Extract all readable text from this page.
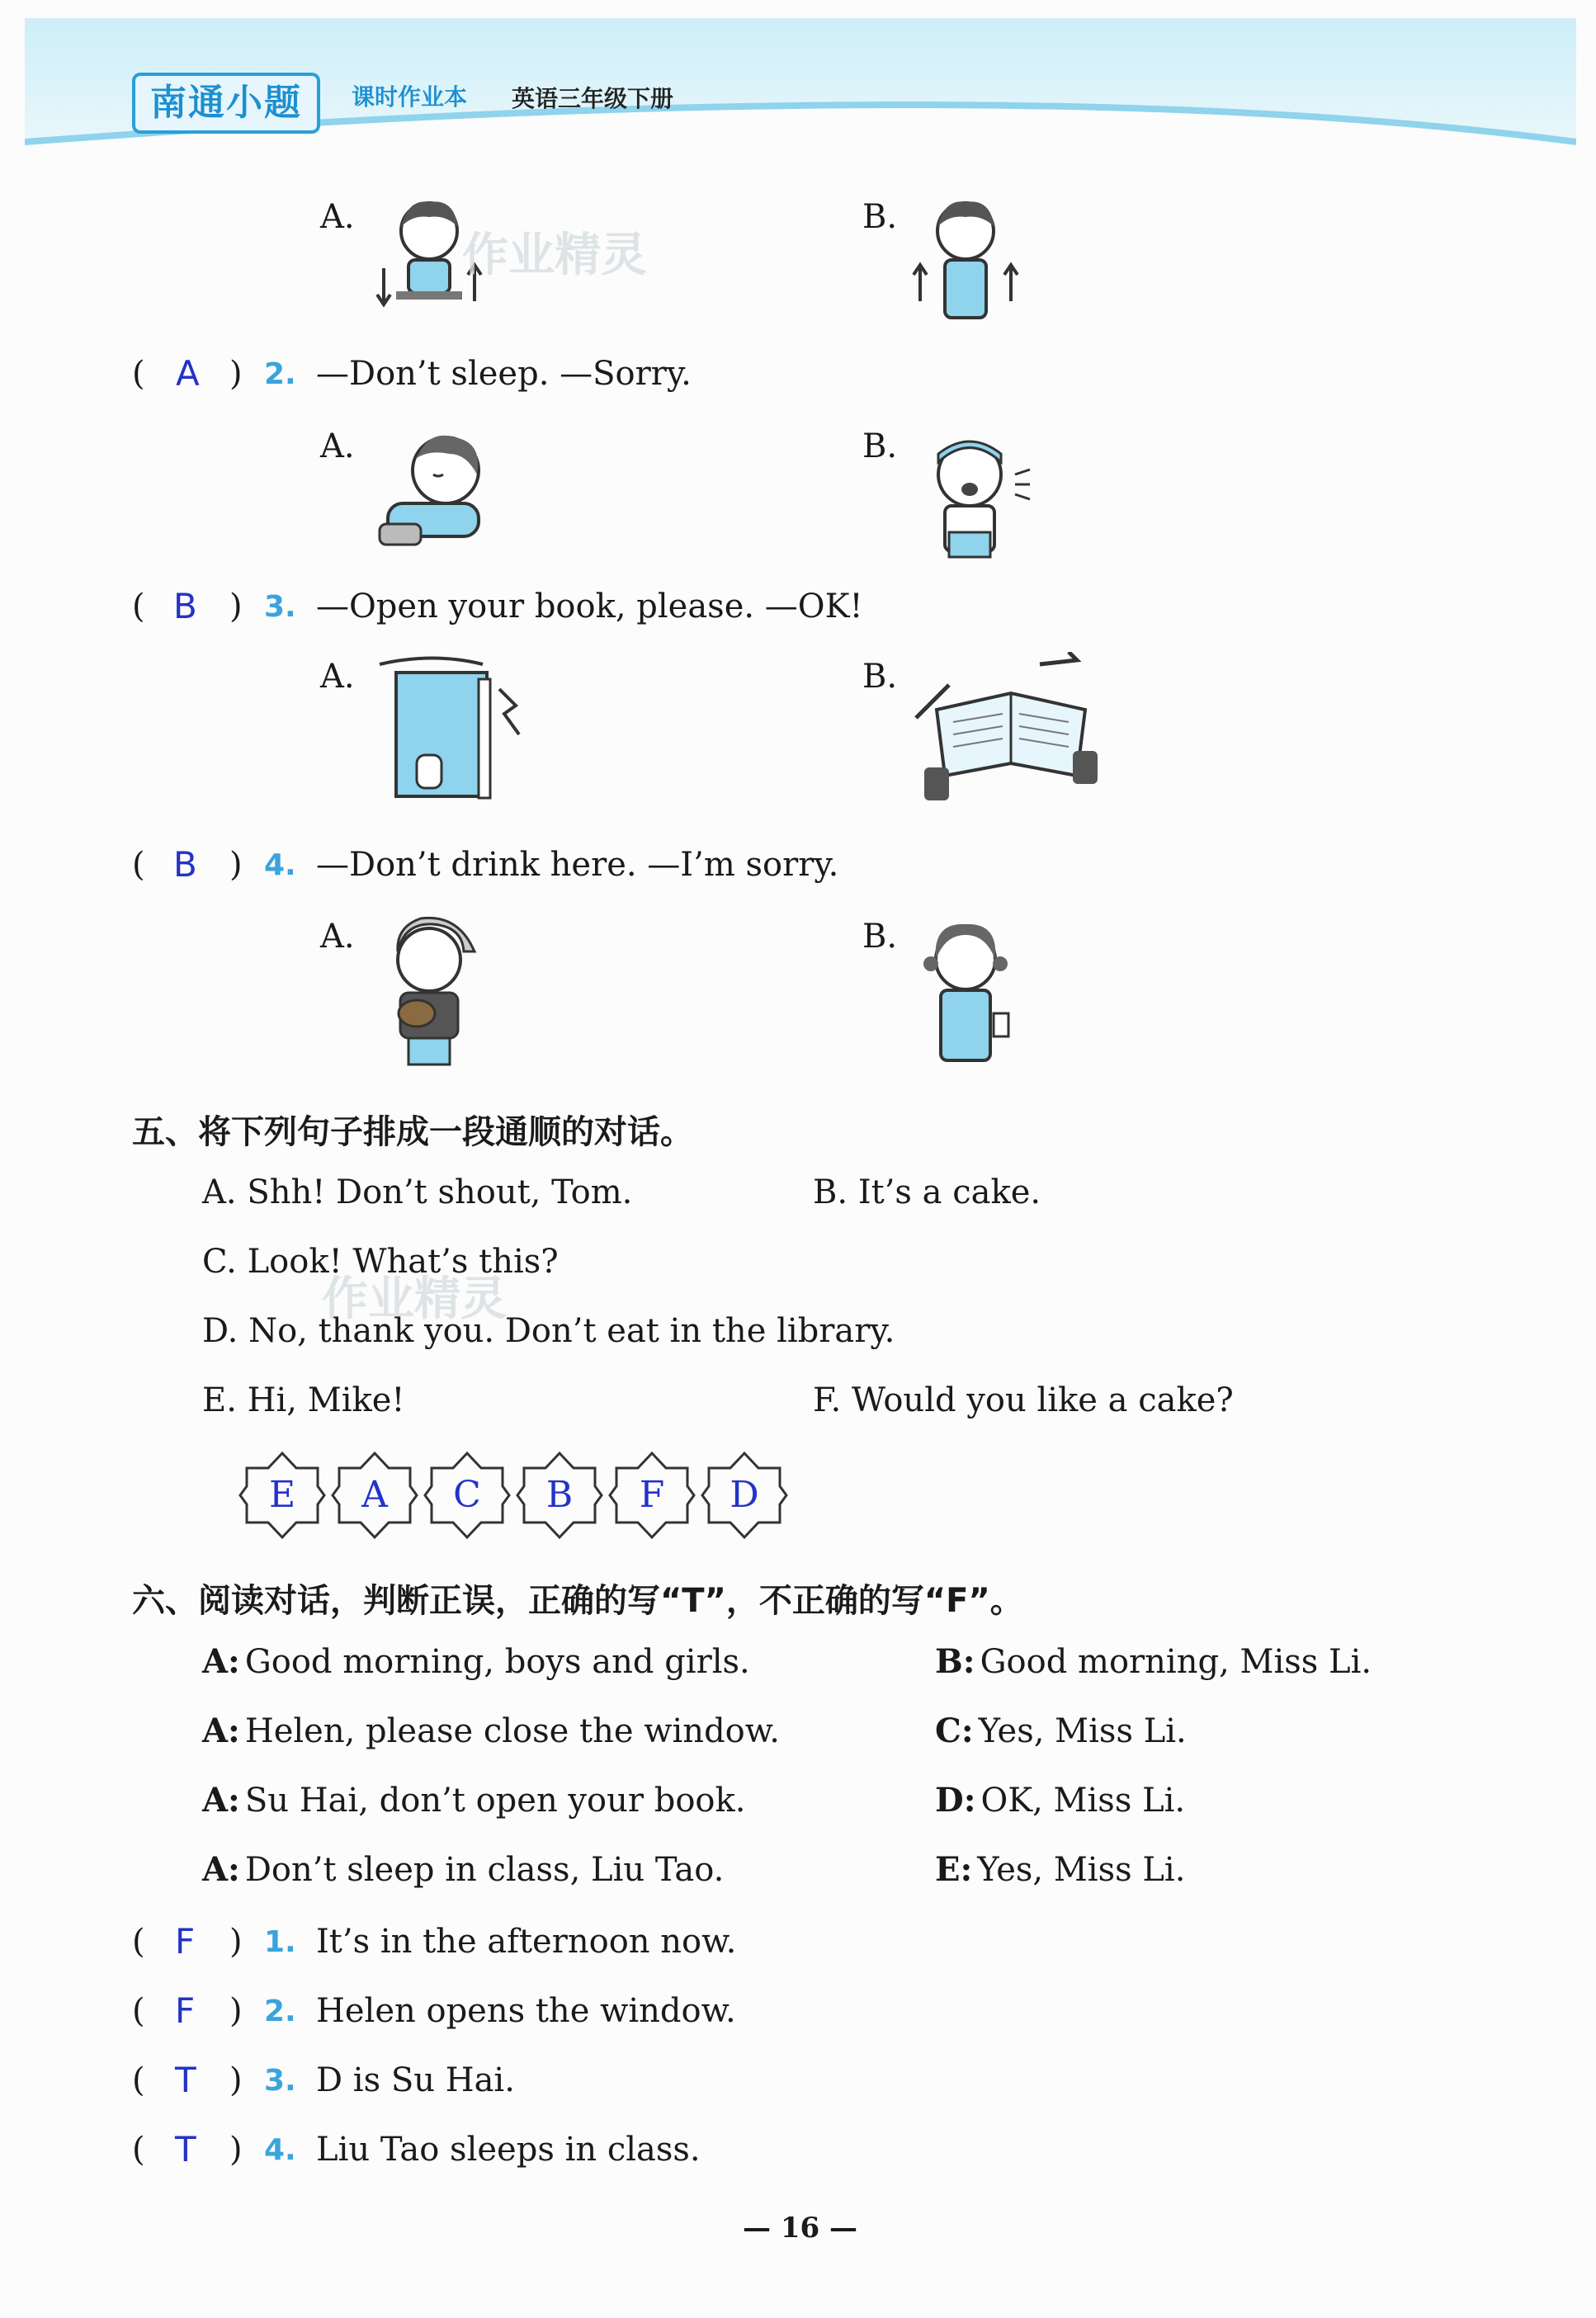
南通小题	课时作业本 英语三年级下册
A.	B.
作业精灵
( A ) 2. —Don’t sleep. —Sorry.
A.	B.
( B ) 3. —Open your book, please. —OK!
A.	B.
( B ) 4. —Don’t drink here. —I’m sorry.
A.	B.
五、将下列句子排成一段通顺的对话。
A. Shh! Don’t shout, Tom.	B. It’s a cake.
C. Look! What’s this?
D. No, thank you. Don’t eat in the library.
E. Hi, Mike!	F. Would you like a cake?
作业精灵
E	A	C	B	F	D
六、阅读对话，判断正误，正确的写“T”，不正确的写“F”。
A: Good morning, boys and girls.	B: Good morning, Miss Li.
A: Helen, please close the window.	C: Yes, Miss Li.
A: Su Hai, don’t open your book.	D: OK, Miss Li.
A: Don’t sleep in class, Liu Tao.	E: Yes, Miss Li.
( F ) 1. It’s in the afternoon now.
( F ) 2. Helen opens the window.
( T ) 3. D is Su Hai.
( T ) 4. Liu Tao sleeps in class.
— 16 —
